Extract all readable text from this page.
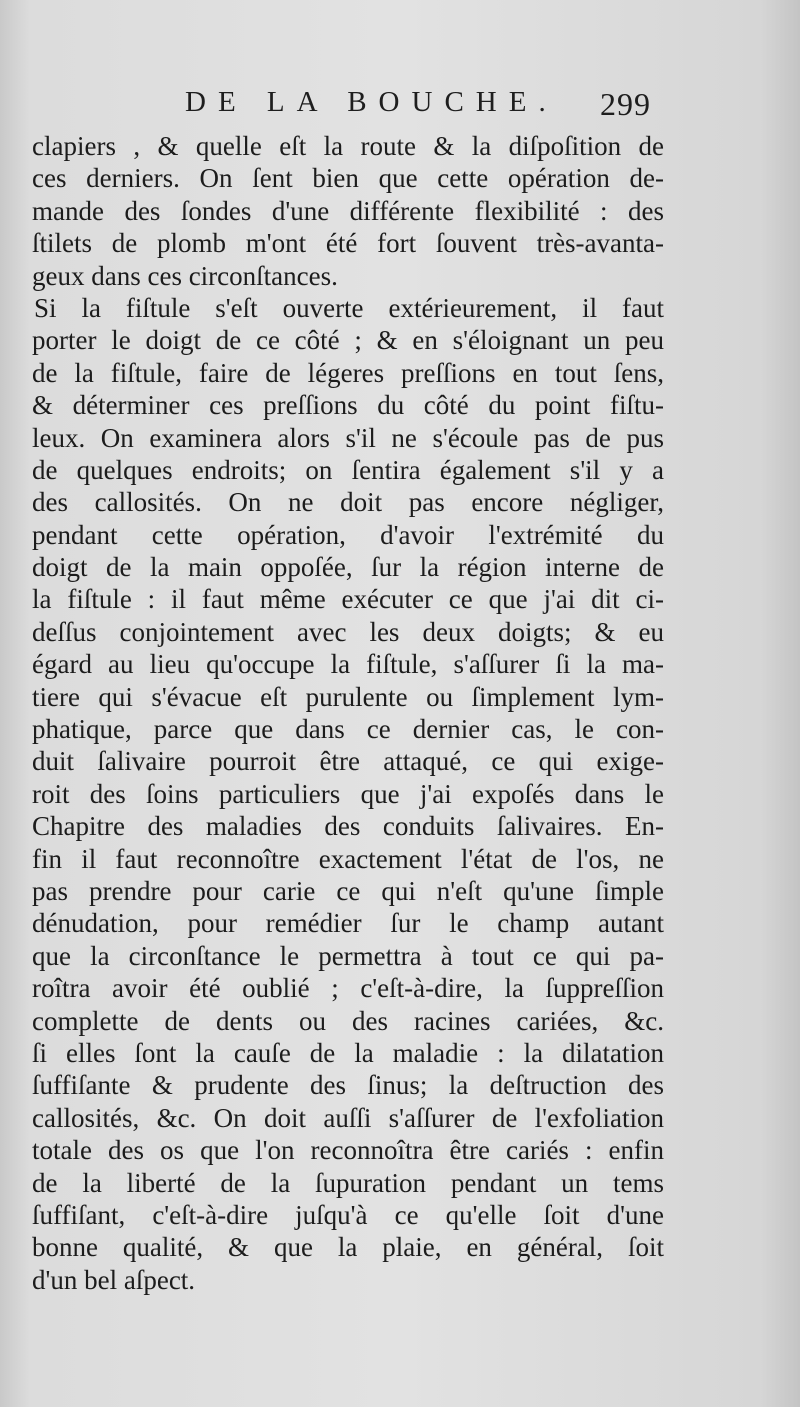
DE LA BOUCHE. 299
clapiers , & quelle eſt la route & la diſpoſition de
ces derniers. On ſent bien que cette opération de-
mande des ſondes d'une différente flexibilité : des
ſtilets de plomb m'ont été fort ſouvent très-avanta-
geux dans ces circonſtances.
Si la fiſtule s'eſt ouverte extérieurement, il faut
porter le doigt de ce côté ; & en s'éloignant un peu
de la fiſtule, faire de légeres preſſions en tout ſens,
& déterminer ces preſſions du côté du point fiſtu-
leux. On examinera alors s'il ne s'écoule pas de pus
de quelques endroits; on ſentira également s'il y a
des callosités. On ne doit pas encore négliger,
pendant cette opération, d'avoir l'extrémité du
doigt de la main oppoſée, ſur la région interne de
la fiſtule : il faut même exécuter ce que j'ai dit ci-
deſſus conjointement avec les deux doigts; & eu
égard au lieu qu'occupe la fiſtule, s'aſſurer ſi la ma-
tiere qui s'évacue eſt purulente ou ſimplement lym-
phatique, parce que dans ce dernier cas, le con-
duit ſalivaire pourroit être attaqué, ce qui exige-
roit des ſoins particuliers que j'ai expoſés dans le
Chapitre des maladies des conduits ſalivaires. En-
fin il faut reconnoître exactement l'état de l'os, ne
pas prendre pour carie ce qui n'eſt qu'une ſimple
dénudation, pour remédier ſur le champ autant
que la circonſtance le permettra à tout ce qui pa-
roîtra avoir été oublié ; c'eſt-à-dire, la ſuppreſſion
complette de dents ou des racines cariées, &c.
ſi elles ſont la cauſe de la maladie : la dilatation
ſuffiſante & prudente des ſinus; la deſtruction des
callosités, &c. On doit auſſi s'aſſurer de l'exfoliation
totale des os que l'on reconnoîtra être cariés : enfin
de la liberté de la ſupuration pendant un tems
ſuffiſant, c'eſt-à-dire juſqu'à ce qu'elle ſoit d'une
bonne qualité, & que la plaie, en général, ſoit
d'un bel aſpect.
